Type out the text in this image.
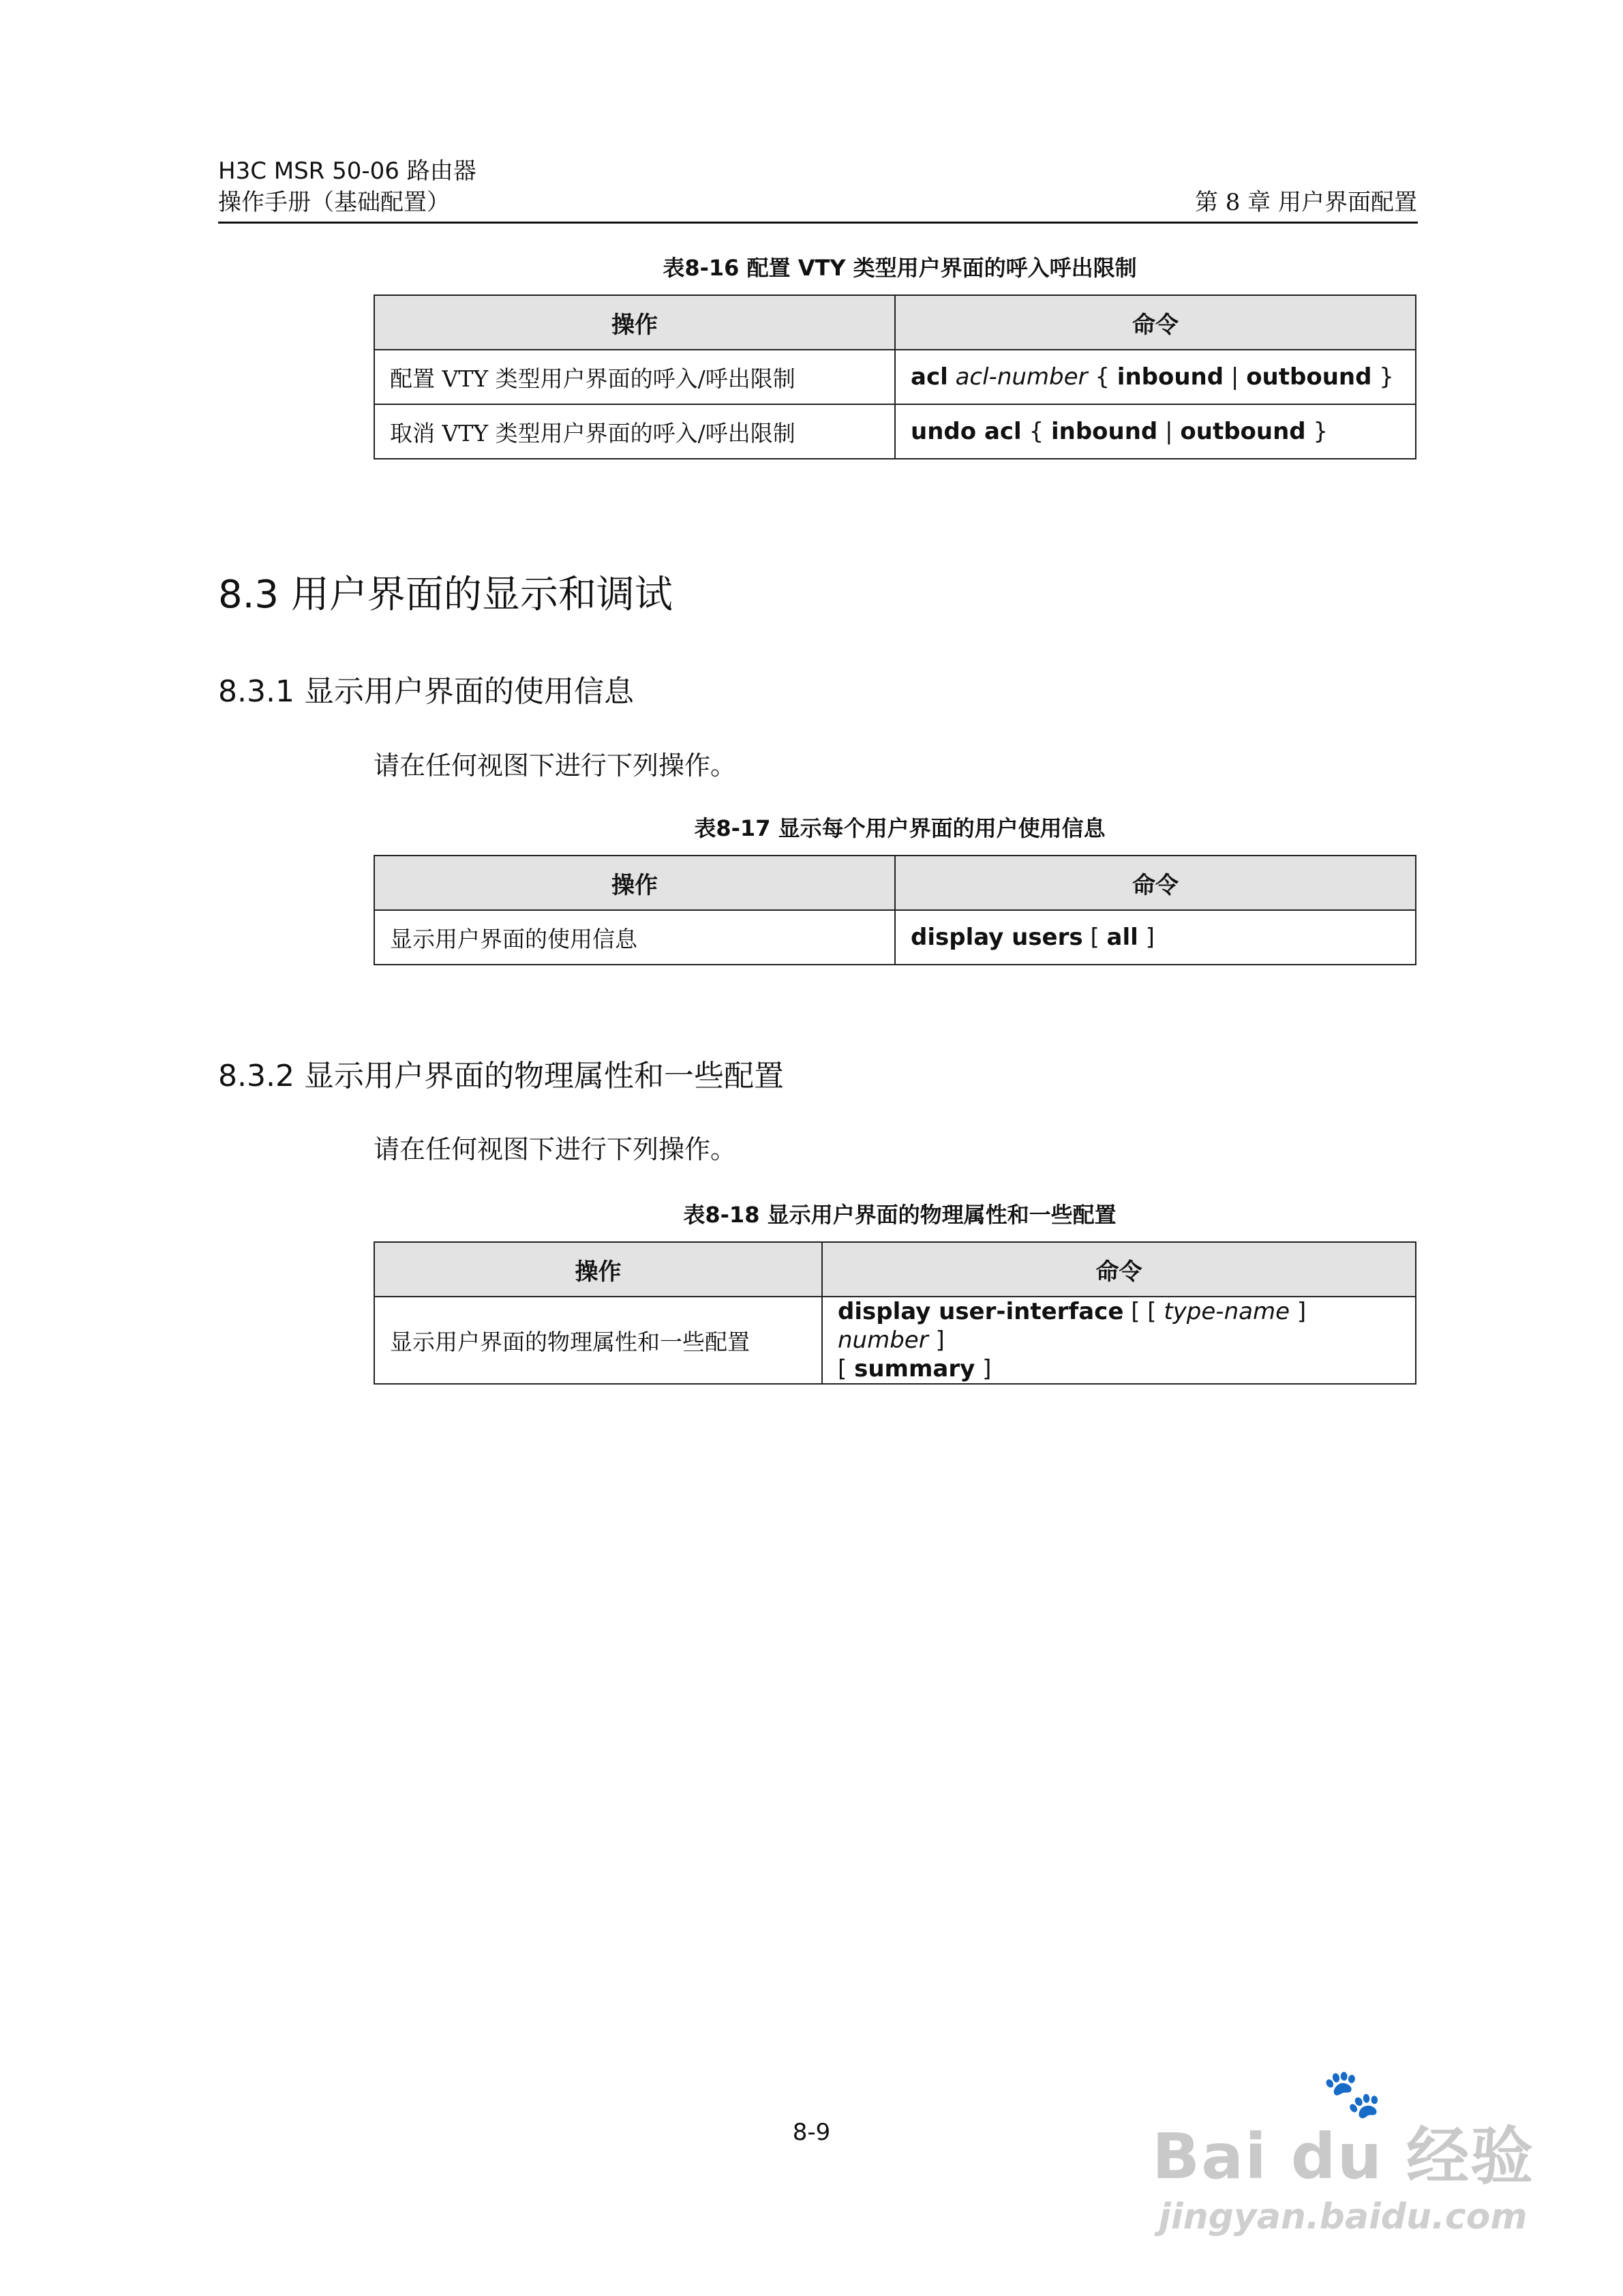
H3C MSR 50-06 路由器
操作手册（基础配置）	第 8 章 用户界面配置
表8-16 配置 VTY 类型用户界面的呼入呼出限制
操作	命令
配置 VTY 类型用户界面的呼入/呼出限制	acl acl-number { inbound | outbound }
取消 VTY 类型用户界面的呼入/呼出限制	undo acl { inbound | outbound }
8.3 用户界面的显示和调试
8.3.1 显示用户界面的使用信息
请在任何视图下进行下列操作。
表8-17 显示每个用户界面的用户使用信息
操作	命令
显示用户界面的使用信息	display users [ all ]
8.3.2 显示用户界面的物理属性和一些配置
请在任何视图下进行下列操作。
表8-18 显示用户界面的物理属性和一些配置
操作	命令
显示用户界面的物理属性和一些配置	display user-interface [ [ type-name ] number ]
[ summary ]
8-9
🐾
Bai du 经验
jingyan.baidu.com
